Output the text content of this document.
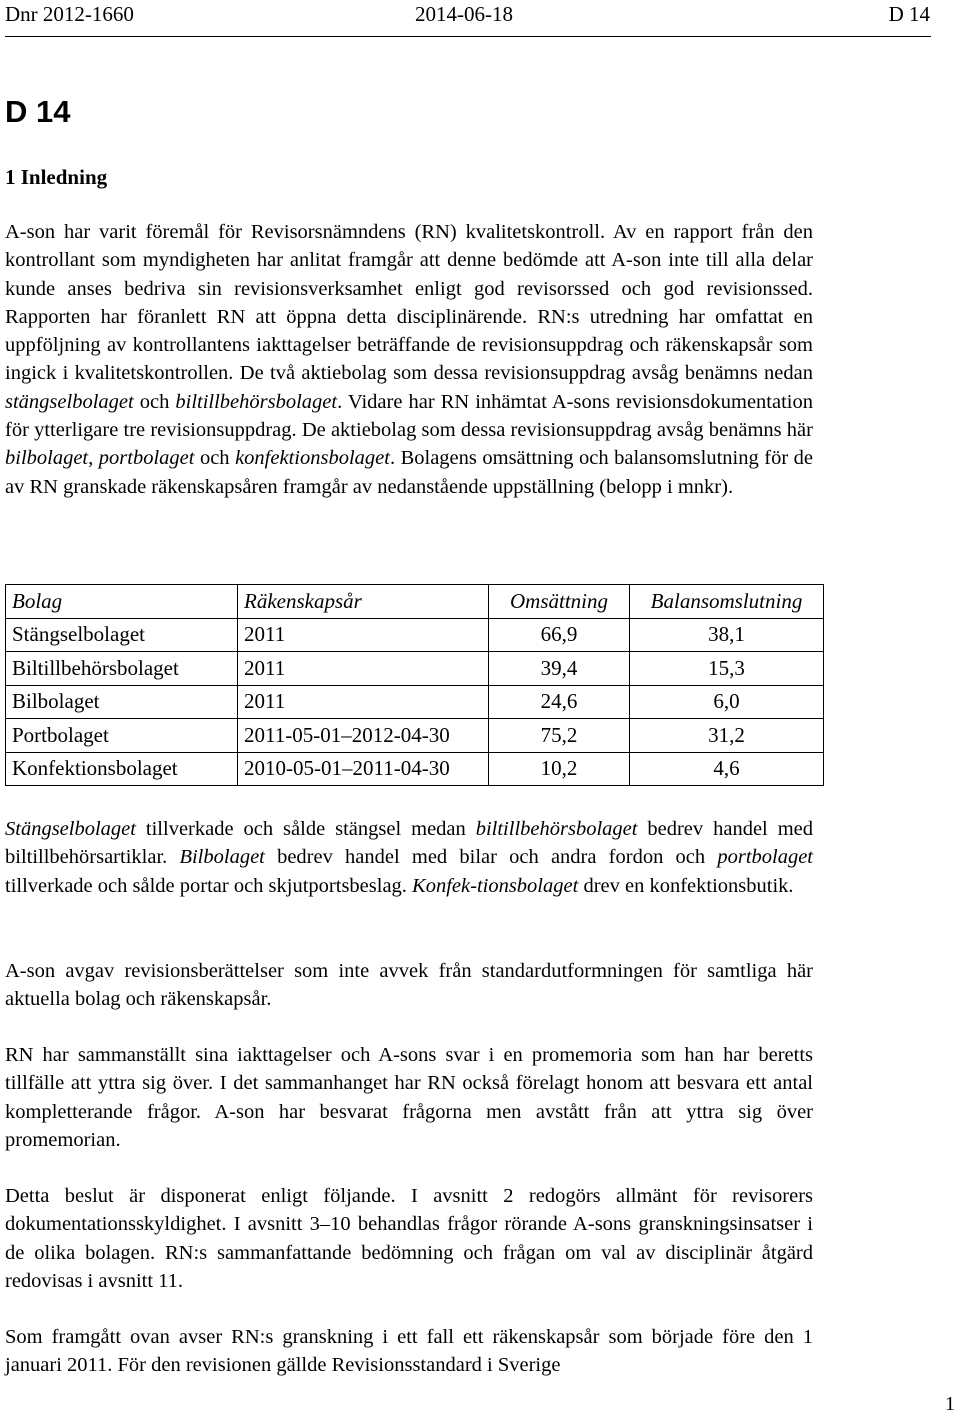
Dnr 2012-1660	2014-06-18	D 14
D 14
1 Inledning

A-son har varit föremål för Revisorsnämndens (RN) kvalitetskontroll. Av en rapport från den kontrollant som myndigheten har anlitat framgår att denne bedömde att A-son inte till alla delar kunde anses bedriva sin revisionsverksamhet enligt god revisorssed och god revisionssed. Rapporten har föranlett RN att öppna detta disciplinärende. RN:s utredning har omfattat en uppföljning av kontrollantens iakttagelser beträffande de revisionsuppdrag och räkenskapsår som ingick i kvalitetskontrollen. De två aktiebolag som dessa revisionsuppdrag avsåg benämns nedan stängselbolaget och biltillbehörsbolaget. Vidare har RN inhämtat A-sons revisionsdokumentation för ytterligare tre revisionsuppdrag. De aktiebolag som dessa revisionsuppdrag avsåg benämns här bilbolaget, portbolaget och konfektionsbolaget. Bolagens omsättning och balansomslutning för de av RN granskade räkenskapsåren framgår av nedanstående uppställning (belopp i mnkr).

Bolag	Räkenskapsår	Omsättning	Balansomslutning
Stängselbolaget	2011	66,9	38,1
Biltillbehörsbolaget	2011	39,4	15,3
Bilbolaget	2011	24,6	6,0
Portbolaget	2011-05-01–2012-04-30	75,2	31,2
Konfektionsbolaget	2010-05-01–2011-04-30	10,2	4,6

Stängselbolaget tillverkade och sålde stängsel medan biltillbehörsbolaget bedrev handel med biltillbehörsartiklar. Bilbolaget bedrev handel med bilar och andra fordon och portbolaget tillverkade och sålde portar och skjutportsbeslag. Konfek-tionsbolaget drev en konfektionsbutik.

A-son avgav revisionsberättelser som inte avvek från standardutformningen för samtliga här aktuella bolag och räkenskapsår.

RN har sammanställt sina iakttagelser och A-sons svar i en promemoria som han har beretts tillfälle att yttra sig över. I det sammanhanget har RN också förelagt honom att besvara ett antal kompletterande frågor. A-son har besvarat frågorna men avstått från att yttra sig över promemorian.

Detta beslut är disponerat enligt följande. I avsnitt 2 redogörs allmänt för revisorers dokumentationsskyldighet. I avsnitt 3–10 behandlas frågor rörande A-sons granskningsinsatser i de olika bolagen. RN:s sammanfattande bedömning och frågan om val av disciplinär åtgärd redovisas i avsnitt 11.

Som framgått ovan avser RN:s granskning i ett fall ett räkenskapsår som började före den 1 januari 2011. För den revisionen gällde Revisionsstandard i Sverige

1
